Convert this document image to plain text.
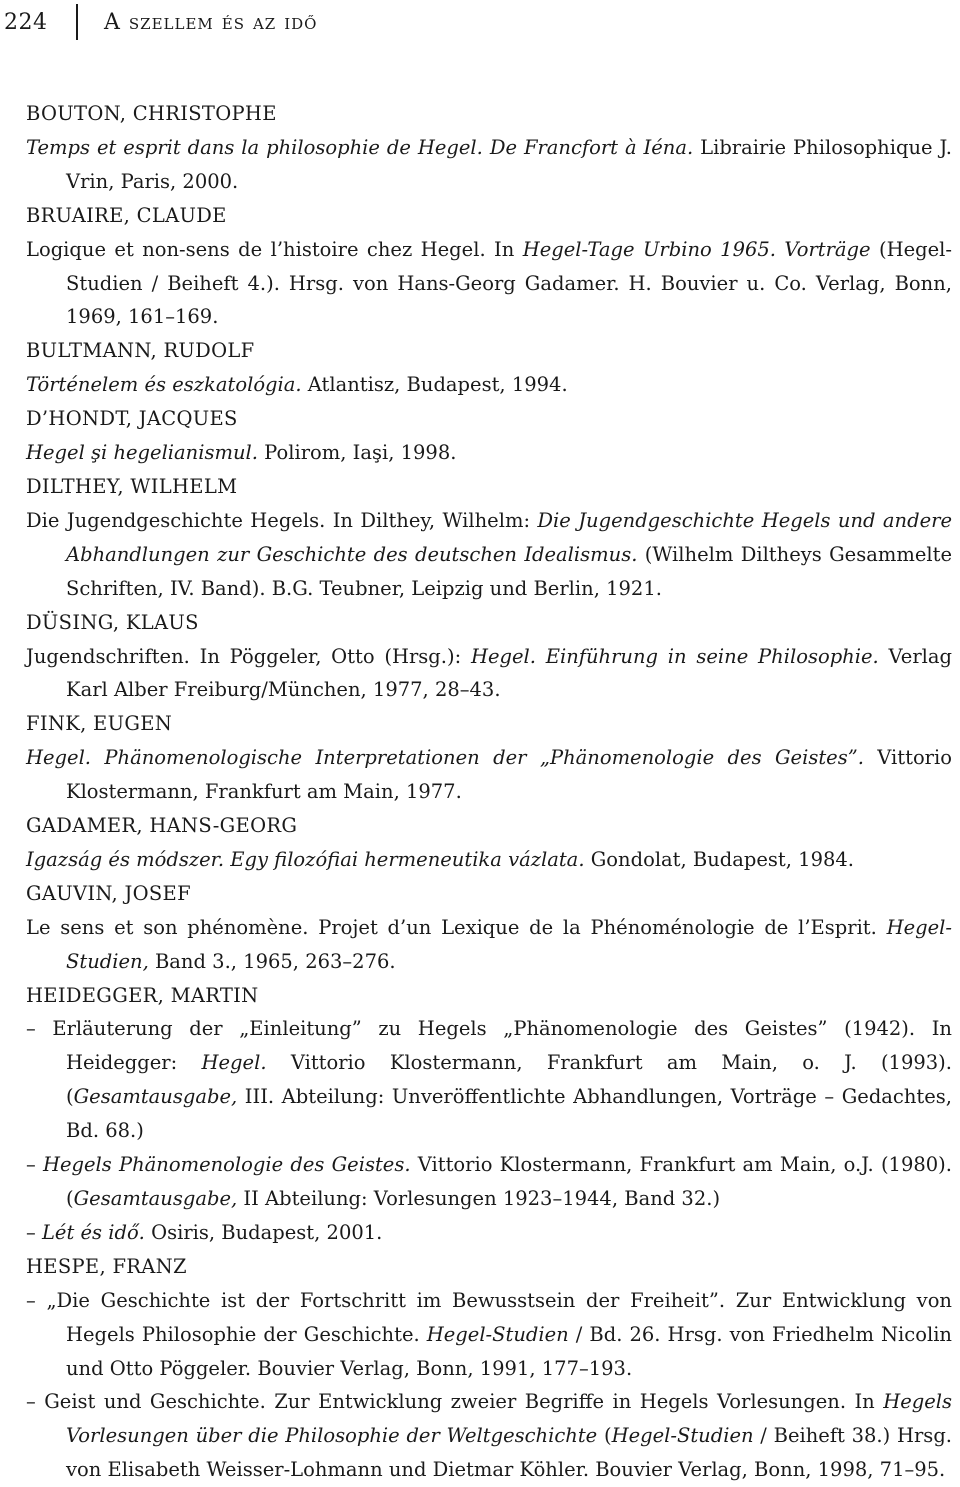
224	A szellem és az idő
BOUTON, CHRISTOPHE
Temps et esprit dans la philosophie de Hegel. De Francfort à Iéna. Librairie Philosophique J. Vrin, Paris, 2000.
BRUAIRE, CLAUDE
Logique et non-sens de l’histoire chez Hegel. In Hegel-Tage Urbino 1965. Vorträge (Hegel-Studien / Beiheft 4.). Hrsg. von Hans-Georg Gadamer. H. Bouvier u. Co. Verlag, Bonn, 1969, 161–169.
BULTMANN, RUDOLF
Történelem és eszkatológia. Atlantisz, Budapest, 1994.
D’HONDT, JACQUES
Hegel şi hegelianismul. Polirom, Iaşi, 1998.
DILTHEY, WILHELM
Die Jugendgeschichte Hegels. In Dilthey, Wilhelm: Die Jugendgeschichte Hegels und andere Abhandlungen zur Geschichte des deutschen Idealismus. (Wilhelm Diltheys Gesammelte Schriften, IV. Band). B.G. Teubner, Leipzig und Berlin, 1921.
DÜSING, KLAUS
Jugendschriften. In Pöggeler, Otto (Hrsg.): Hegel. Einführung in seine Philosophie. Verlag Karl Alber Freiburg/München, 1977, 28–43.
FINK, EUGEN
Hegel. Phänomenologische Interpretationen der „Phänomenologie des Geistes”. Vittorio Klostermann, Frankfurt am Main, 1977.
GADAMER, HANS-GEORG
Igazság és módszer. Egy filozófiai hermeneutika vázlata. Gondolat, Budapest, 1984.
GAUVIN, JOSEF
Le sens et son phénomène. Projet d’un Lexique de la Phénoménologie de l’Esprit. Hegel-Studien, Band 3., 1965, 263–276.
HEIDEGGER, MARTIN
– Erläuterung der „Einleitung” zu Hegels „Phänomenologie des Geistes” (1942). In Heidegger: Hegel. Vittorio Klostermann, Frankfurt am Main, o. J. (1993). (Gesamtausgabe, III. Abteilung: Unveröffentlichte Abhandlungen, Vorträge – Gedachtes, Bd. 68.)
– Hegels Phänomenologie des Geistes. Vittorio Klostermann, Frankfurt am Main, o.J. (1980). (Gesamtausgabe, II Abteilung: Vorlesungen 1923–1944, Band 32.)
– Lét és idő. Osiris, Budapest, 2001.
HESPE, FRANZ
– „Die Geschichte ist der Fortschritt im Bewusstsein der Freiheit”. Zur Entwicklung von Hegels Philosophie der Geschichte. Hegel-Studien / Bd. 26. Hrsg. von Friedhelm Nicolin und Otto Pöggeler. Bouvier Verlag, Bonn, 1991, 177–193.
– Geist und Geschichte. Zur Entwicklung zweier Begriffe in Hegels Vorlesungen. In Hegels Vorlesungen über die Philosophie der Weltgeschichte (Hegel-Studien / Beiheft 38.) Hrsg. von Elisabeth Weisser-Lohmann und Dietmar Köhler. Bouvier Verlag, Bonn, 1998, 71–95.
